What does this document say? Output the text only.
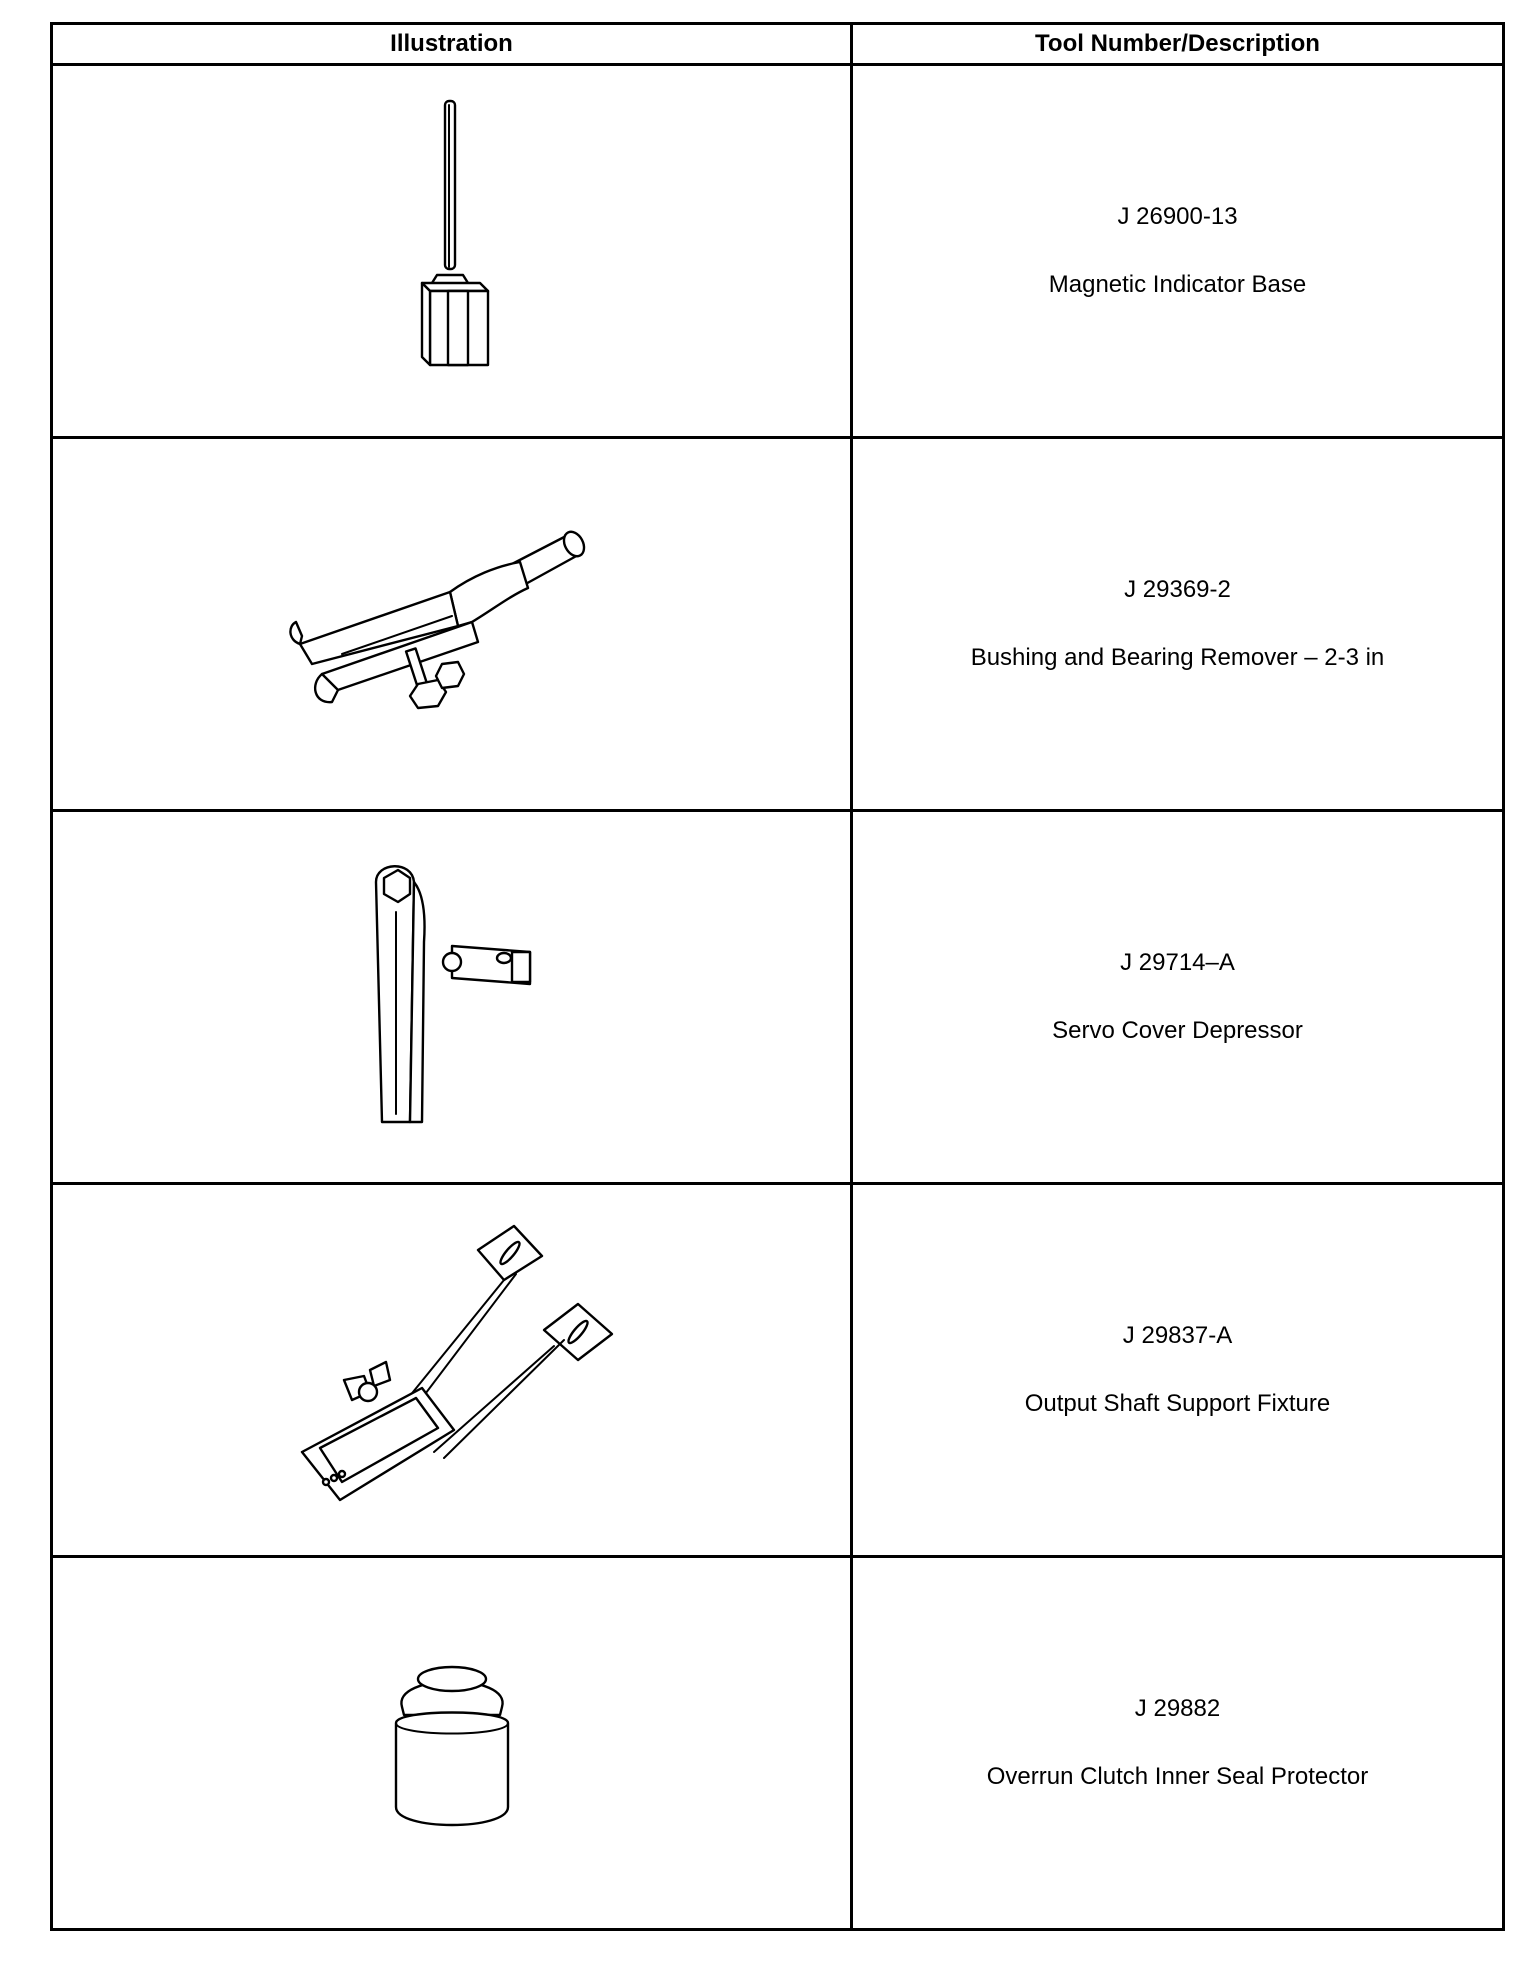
Illustration	Tool Number/Description

J 26900-13
Magnetic Indicator Base

J 29369-2
Bushing and Bearing Remover – 2-3 in

J 29714–A
Servo Cover Depressor

J 29837-A
Output Shaft Support Fixture

J 29882
Overrun Clutch Inner Seal Protector
